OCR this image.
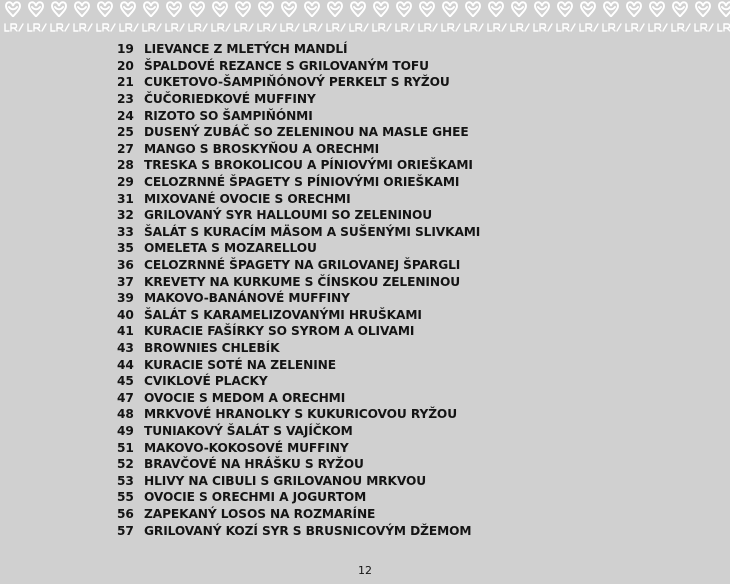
19 LIEVANCE Z MLETÝCH MANDLÍ
20 ŠPALDOVÉ REZANCE S GRILOVANÝM TOFU
21 CUKETOVO-ŠAMPIŇÓNOVÝ PERKELT S RYŽOU
23 ČUČORIEDKOVÉ MUFFINY
24 RIZOTO SO ŠAMPIŇÓNMI
25 DUSENÝ ZUBÁČ SO ZELENINOU NA MASLE GHEE
27 MANGO S BROSKYŇOU A ORECHMI
28 TRESKA S BROKOLICOU A PÍNIOVÝMI ORIEŠKAMI
29 CELOZRNNÉ ŠPAGETY S PÍNIOVÝMI ORIEŠKAMI
31 MIXOVANÉ OVOCIE S ORECHMI
32 GRILOVANÝ SYR HALLOUMI SO ZELENINOU
33 ŠALÁT S KURACÍM MÄSOM A SUŠENÝMI SLIVKAMI
35 OMELETA S MOZARELLOU
36 CELOZRNNÉ ŠPAGETY NA GRILOVANEJ ŠPARGLI
37 KREVETY NA KURKUME S ČÍNSKOU ZELENINOU
39 MAKOVO-BANÁNOVÉ MUFFINY
40 ŠALÁT S KARAMELIZOVANÝMI HRUŠKAMI
41 KURACIE FAŠÍRKY SO SYROM A OLIVAMI
43 BROWNIES CHLEBÍK
44 KURACIE SOTÉ NA ZELENINE
45 CVIKLOVÉ PLACKY
47 OVOCIE S MEDOM A ORECHMI
48 MRKVOVÉ HRANOLKY S KUKURICOVOU RYŽOU
49 TUNIAKOVÝ ŠALÁT S VAJÍČKOM
51 MAKOVO-KOKOSOVÉ MUFFINY
52 BRAVČOVÉ NA HRÁŠKU S RYŽOU
53 HLIVY NA CIBULI S GRILOVANOU MRKVOU
55 OVOCIE S ORECHMI A JOGURTOM
56 ZAPEKANÝ LOSOS NA ROZMARÍNE
57 GRILOVANÝ KOZÍ SYR S BRUSNICOVÝM DŽEMOM
12
